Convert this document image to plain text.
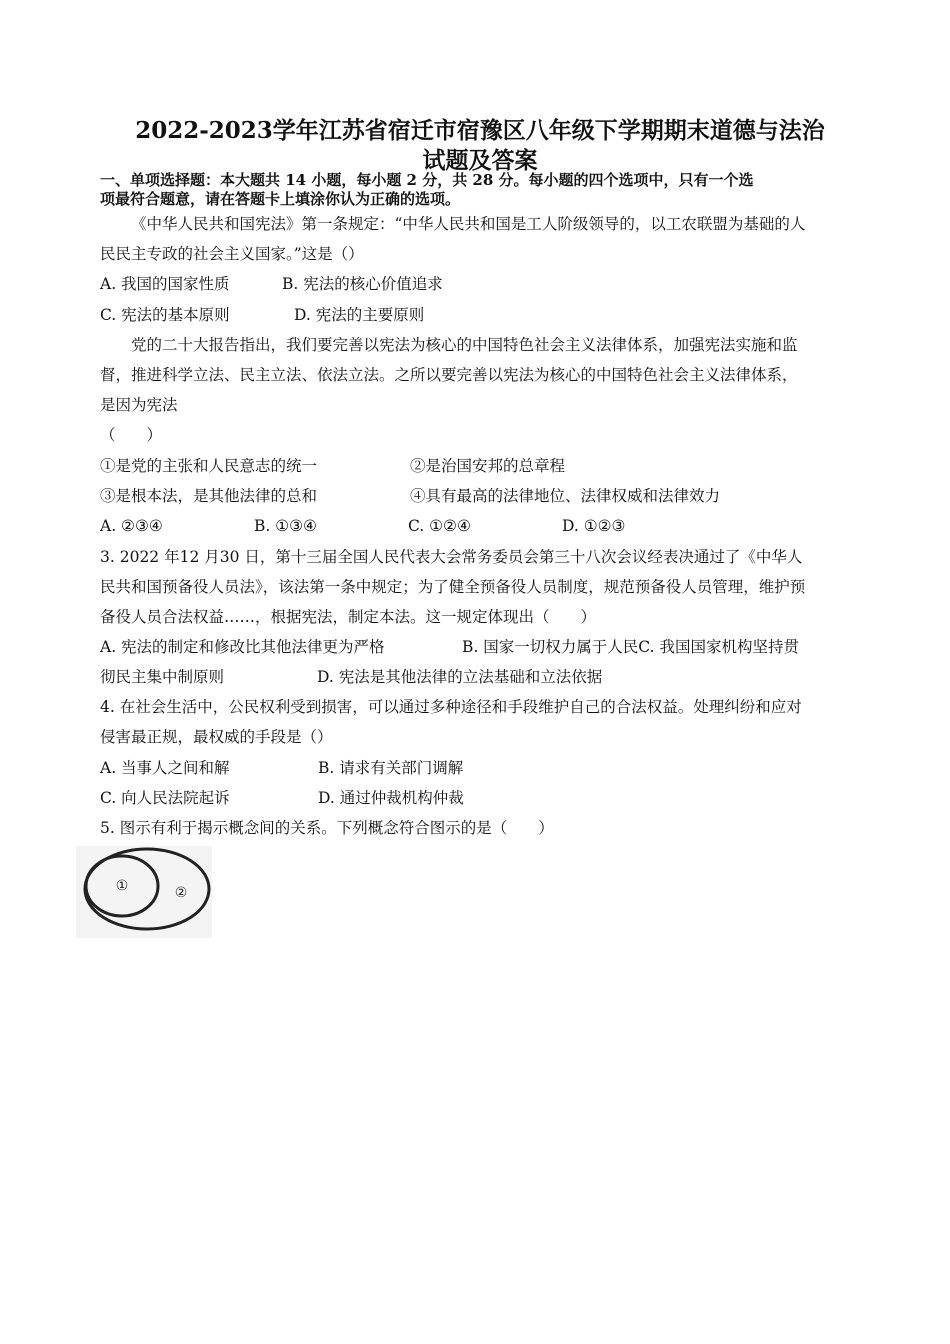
2022-2023学年江苏省宿迁市宿豫区八年级下学期期末道德与法治
试题及答案
一、单项选择题：本大题共 14 小题，每小题 2 分，共 28 分。每小题的四个选项中，只有一个选
项最符合题意，请在答题卡上填涂你认为正确的选项。
《中华人民共和国宪法》第一条规定：“中华人民共和国是工人阶级领导的，以工农联盟为基础的人
民民主专政的社会主义国家。”这是（）
A. 我国的国家性质	B. 宪法的核心价值追求
C. 宪法的基本原则	D. 宪法的主要原则
党的二十大报告指出，我们要完善以宪法为核心的中国特色社会主义法律体系，加强宪法实施和监
督，推进科学立法、民主立法、依法立法。之所以要完善以宪法为核心的中国特色社会主义法律体系，
是因为宪法
（　　）
①是党的主张和人民意志的统一	②是治国安邦的总章程
③是根本法，是其他法律的总和	④具有最高的法律地位、法律权威和法律效力
A. ②③④	B. ①③④	C. ①②④	D. ①②③
3. 2022 年12 月30 日，第十三届全国人民代表大会常务委员会第三十八次会议经表决通过了《中华人
民共和国预备役人员法》，该法第一条中规定；为了健全预备役人员制度，规范预备役人员管理，维护预
备役人员合法权益……，根据宪法，制定本法。这一规定体现出（　　）
A. 宪法的制定和修改比其他法律更为严格　　　　　B. 国家一切权力属于人民C. 我国国家机构坚持贯
彻民主集中制原则　　　　　　D. 宪法是其他法律的立法基础和立法依据
4. 在社会生活中，公民权利受到损害，可以通过多种途径和手段维护自己的合法权益。处理纠纷和应对
侵害最正规，最权威的手段是（）
A. 当事人之间和解	B. 请求有关部门调解
C. 向人民法院起诉	D. 通过仲裁机构仲裁
5. 图示有利于揭示概念间的关系。下列概念符合图示的是（　　）
①	②
